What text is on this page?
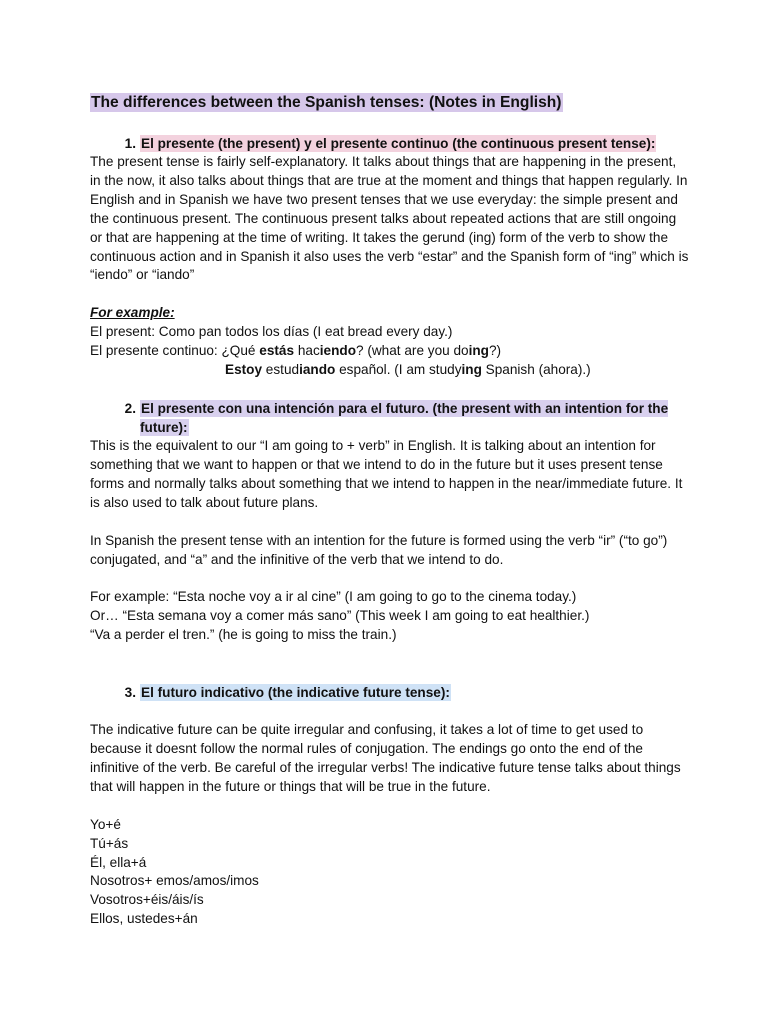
The differences between the Spanish tenses: (Notes in English)
1. El presente (the present) y el presente continuo (the continuous present tense):

The present tense is fairly self-explanatory. It talks about things that are happening in the present, in the now, it also talks about things that are true at the moment and things that happen regularly. In English and in Spanish we have two present tenses that we use everyday: the simple present and the continuous present. The continuous present talks about repeated actions that are still ongoing or that are happening at the time of writing. It takes the gerund (ing) form of the verb to show the continuous action and in Spanish it also uses the verb “estar” and the Spanish form of “ing” which is “iendo” or “iando”

For example:

El present: Como pan todos los días (I eat bread every day.)

El presente continuo: ¿Qué estás haciendo? (what are you doing?)

Estoy estudiando español. (I am studying Spanish (ahora).)

2. El presente con una intención para el futuro. (the present with an intention for the future):

This is the equivalent to our “I am going to + verb” in English. It is talking about an intention for something that we want to happen or that we intend to do in the future but it uses present tense forms and normally talks about something that we intend to happen in the near/immediate future. It is also used to talk about future plans.

In Spanish the present tense with an intention for the future is formed using the verb “ir” (“to go”) conjugated, and “a” and the infinitive of the verb that we intend to do.

For example: “Esta noche voy a ir al cine” (I am going to go to the cinema today.)

Or… “Esta semana voy a comer más sano” (This week I am going to eat healthier.)

“Va a perder el tren.” (he is going to miss the train.)

3. El futuro indicativo (the indicative future tense):

The indicative future can be quite irregular and confusing, it takes a lot of time to get used to because it doesnt follow the normal rules of conjugation. The endings go onto the end of the infinitive of the verb. Be careful of the irregular verbs! The indicative future tense talks about things that will happen in the future or things that will be true in the future.

Yo+é

Tú+ás

Él, ella+á

Nosotros+ emos/amos/imos

Vosotros+éis/áis/ís

Ellos, ustedes+án
